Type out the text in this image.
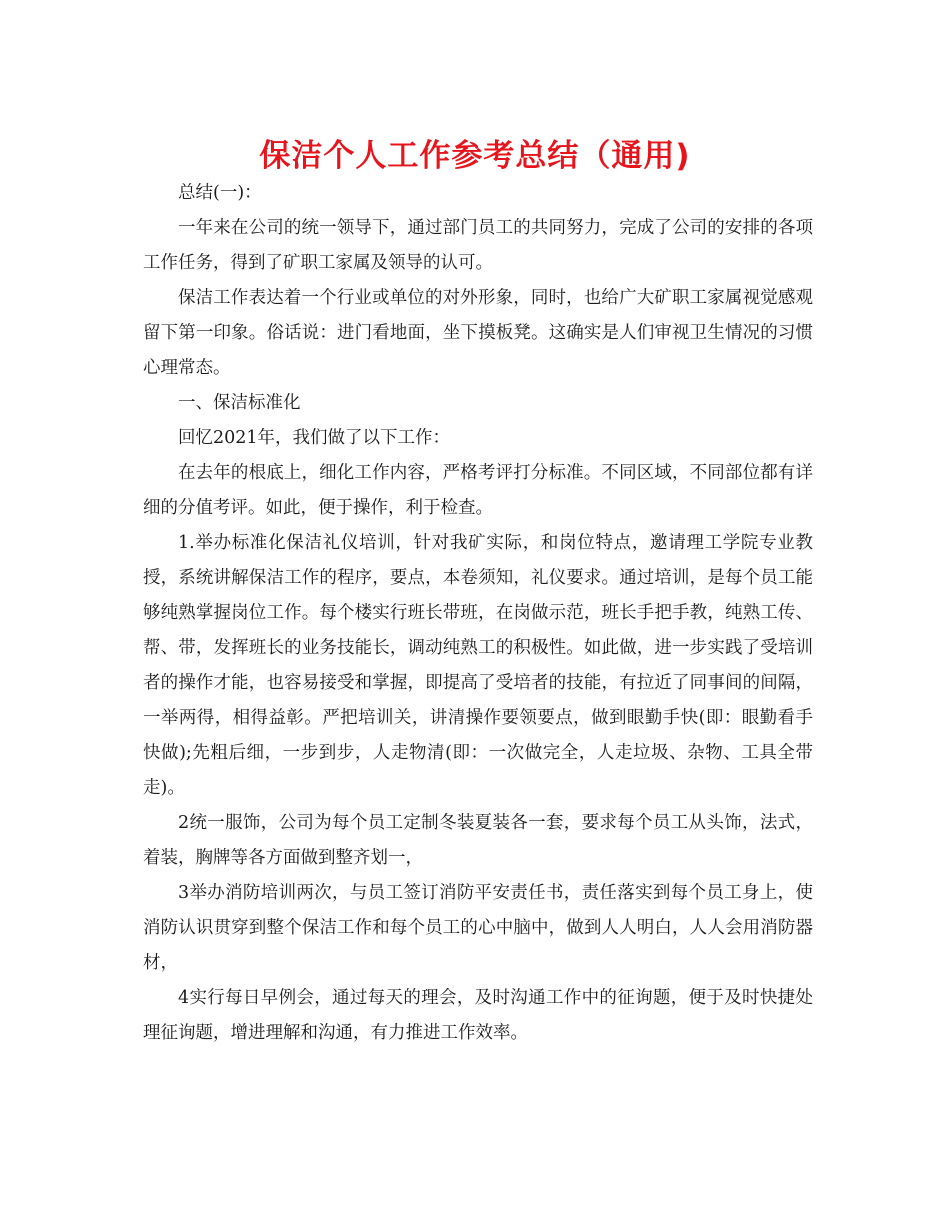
保洁个人工作参考总结（通用)

总结(一)：

一年来在公司的统一领导下，通过部门员工的共同努力，完成了公司的安排的各项工作任务，得到了矿职工家属及领导的认可。

保洁工作表达着一个行业或单位的对外形象，同时，也给广大矿职工家属视觉感观留下第一印象。俗话说：进门看地面，坐下摸板凳。这确实是人们审视卫生情况的习惯心理常态。

一、保洁标准化

回忆2021年，我们做了以下工作：

在去年的根底上，细化工作内容，严格考评打分标准。不同区域，不同部位都有详细的分值考评。如此，便于操作，利于检查。

1.举办标准化保洁礼仪培训，针对我矿实际，和岗位特点，邀请理工学院专业教授，系统讲解保洁工作的程序，要点，本卷须知，礼仪要求。通过培训，是每个员工能够纯熟掌握岗位工作。每个楼实行班长带班，在岗做示范，班长手把手教，纯熟工传、帮、带，发挥班长的业务技能长，调动纯熟工的积极性。如此做，进一步实践了受培训者的操作才能，也容易接受和掌握，即提高了受培者的技能，有拉近了同事间的间隔，一举两得，相得益彰。严把培训关，讲清操作要领要点，做到眼勤手快(即：眼勤看手快做);先粗后细，一步到步，人走物清(即：一次做完全，人走垃圾、杂物、工具全带走)。

2统一服饰，公司为每个员工定制冬装夏装各一套，要求每个员工从头饰，法式，着装，胸牌等各方面做到整齐划一，

3举办消防培训两次，与员工签订消防平安责任书，责任落实到每个员工身上，使消防认识贯穿到整个保洁工作和每个员工的心中脑中，做到人人明白，人人会用消防器材，

4实行每日早例会，通过每天的理会，及时沟通工作中的征询题，便于及时快捷处理征询题，增进理解和沟通，有力推进工作效率。
